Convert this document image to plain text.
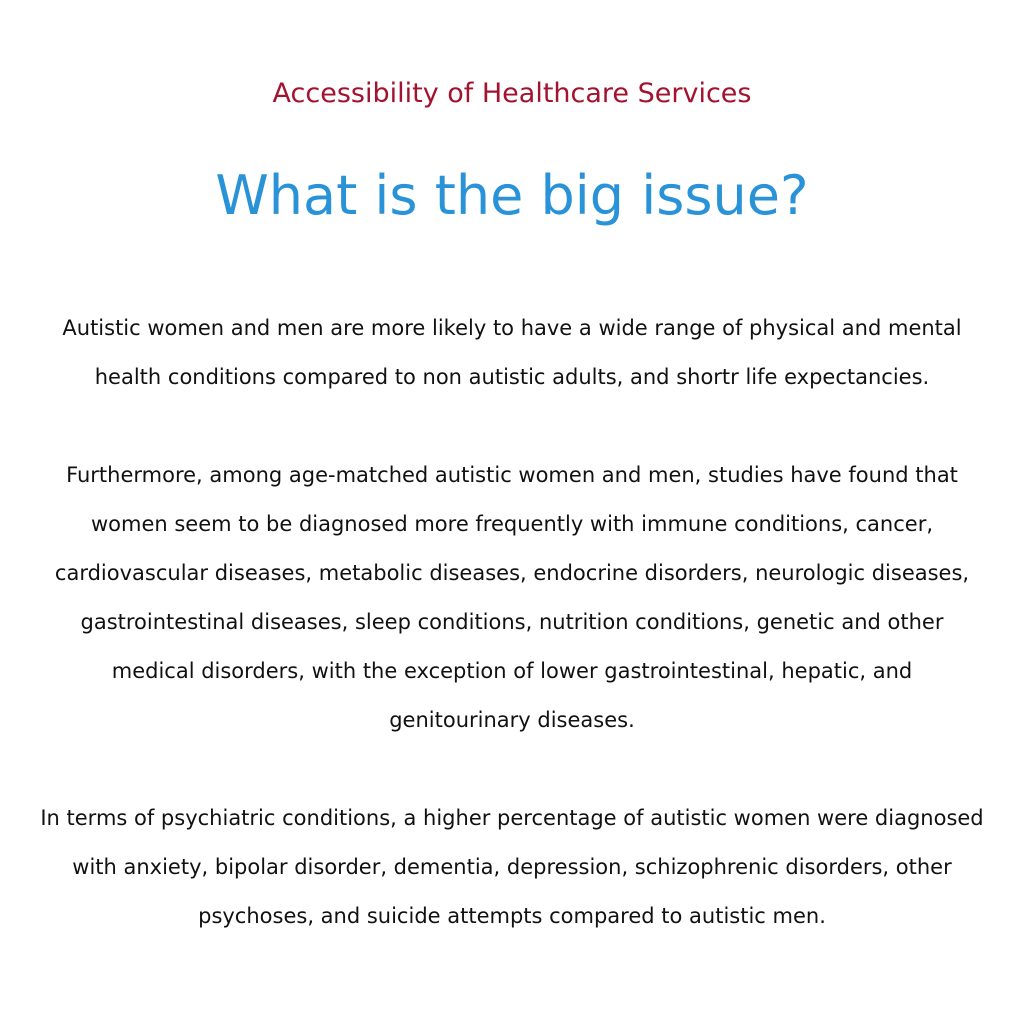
Accessibility of Healthcare Services
What is the big issue?

Autistic women and men are more likely to have a wide range of physical and mental health conditions compared to non autistic adults, and shortr life expectancies.

Furthermore, among age-matched autistic women and men, studies have found that women seem to be diagnosed more frequently with immune conditions, cancer, cardiovascular diseases, metabolic diseases, endocrine disorders, neurologic diseases, gastrointestinal diseases, sleep conditions, nutrition conditions, genetic and other medical disorders, with the exception of lower gastrointestinal, hepatic, and genitourinary diseases.

In terms of psychiatric conditions, a higher percentage of autistic women were diagnosed with anxiety, bipolar disorder, dementia, depression, schizophrenic disorders, other psychoses, and suicide attempts compared to autistic men.
